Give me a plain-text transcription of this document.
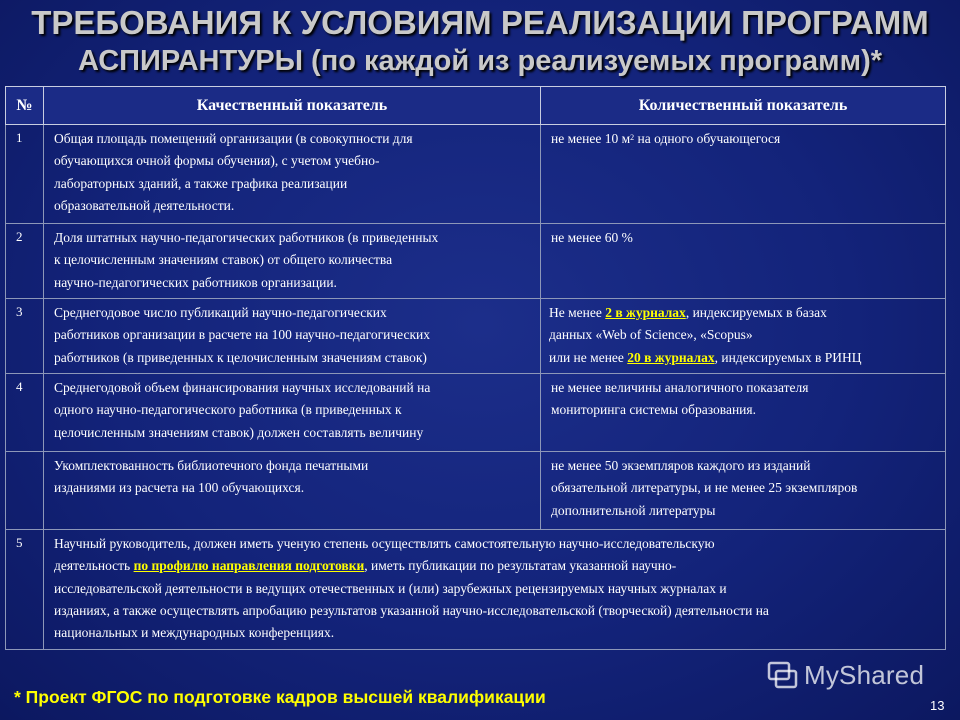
ТРЕБОВАНИЯ К УСЛОВИЯМ РЕАЛИЗАЦИИ ПРОГРАММ
АСПИРАНТУРЫ (по каждой из реализуемых программ)*
№	Качественный показатель	Количественный показатель
1	Общая площадь помещений организации (в совокупности для
обучающихся очной формы обучения), с учетом учебно-
лабораторных зданий, а также графика реализации
образовательной деятельности.	не менее 10 $м^2$ на одного обучающегося

2	Доля штатных научно-педагогических работников (в приведенных
к целочисленным значениям ставок) от общего количества
научно-педагогических работников организации.	не менее 60 %

3	Среднегодовое число публикаций научно-педагогических
работников организации в расчете на 100 научно-педагогических
работников (в приведенных к целочисленным значениям ставок)	Не менее 2 в журналах, индексируемых в базах
данных «Web of Science», «Scopus»
или не менее 20 в журналах, индексируемых в РИНЦ

4	Среднегодовой объем финансирования научных исследований на
одного научно-педагогического работника (в приведенных к
целочисленным значениям ставок) должен составлять величину	не менее величины аналогичного показателя
мониторинга системы образования.

	Укомплектованность библиотечного фонда печатными
изданиями из расчета на 100 обучающихся.	не менее 50 экземпляров каждого из изданий
обязательной литературы, и не менее 25 экземпляров
дополнительной литературы

5	Научный руководитель, должен иметь ученую степень осуществлять самостоятельную научно-исследовательскую
деятельность по профилю направления подготовки, иметь публикации по результатам указанной научно-
исследовательской деятельности в ведущих отечественных и (или) зарубежных рецензируемых научных журналах и
изданиях, а также осуществлять апробацию результатов указанной научно-исследовательской (творческой) деятельности на
национальных и международных конференциях.	
* Проект ФГОС по подготовке кадров высшей квалификации
MyShared
13
